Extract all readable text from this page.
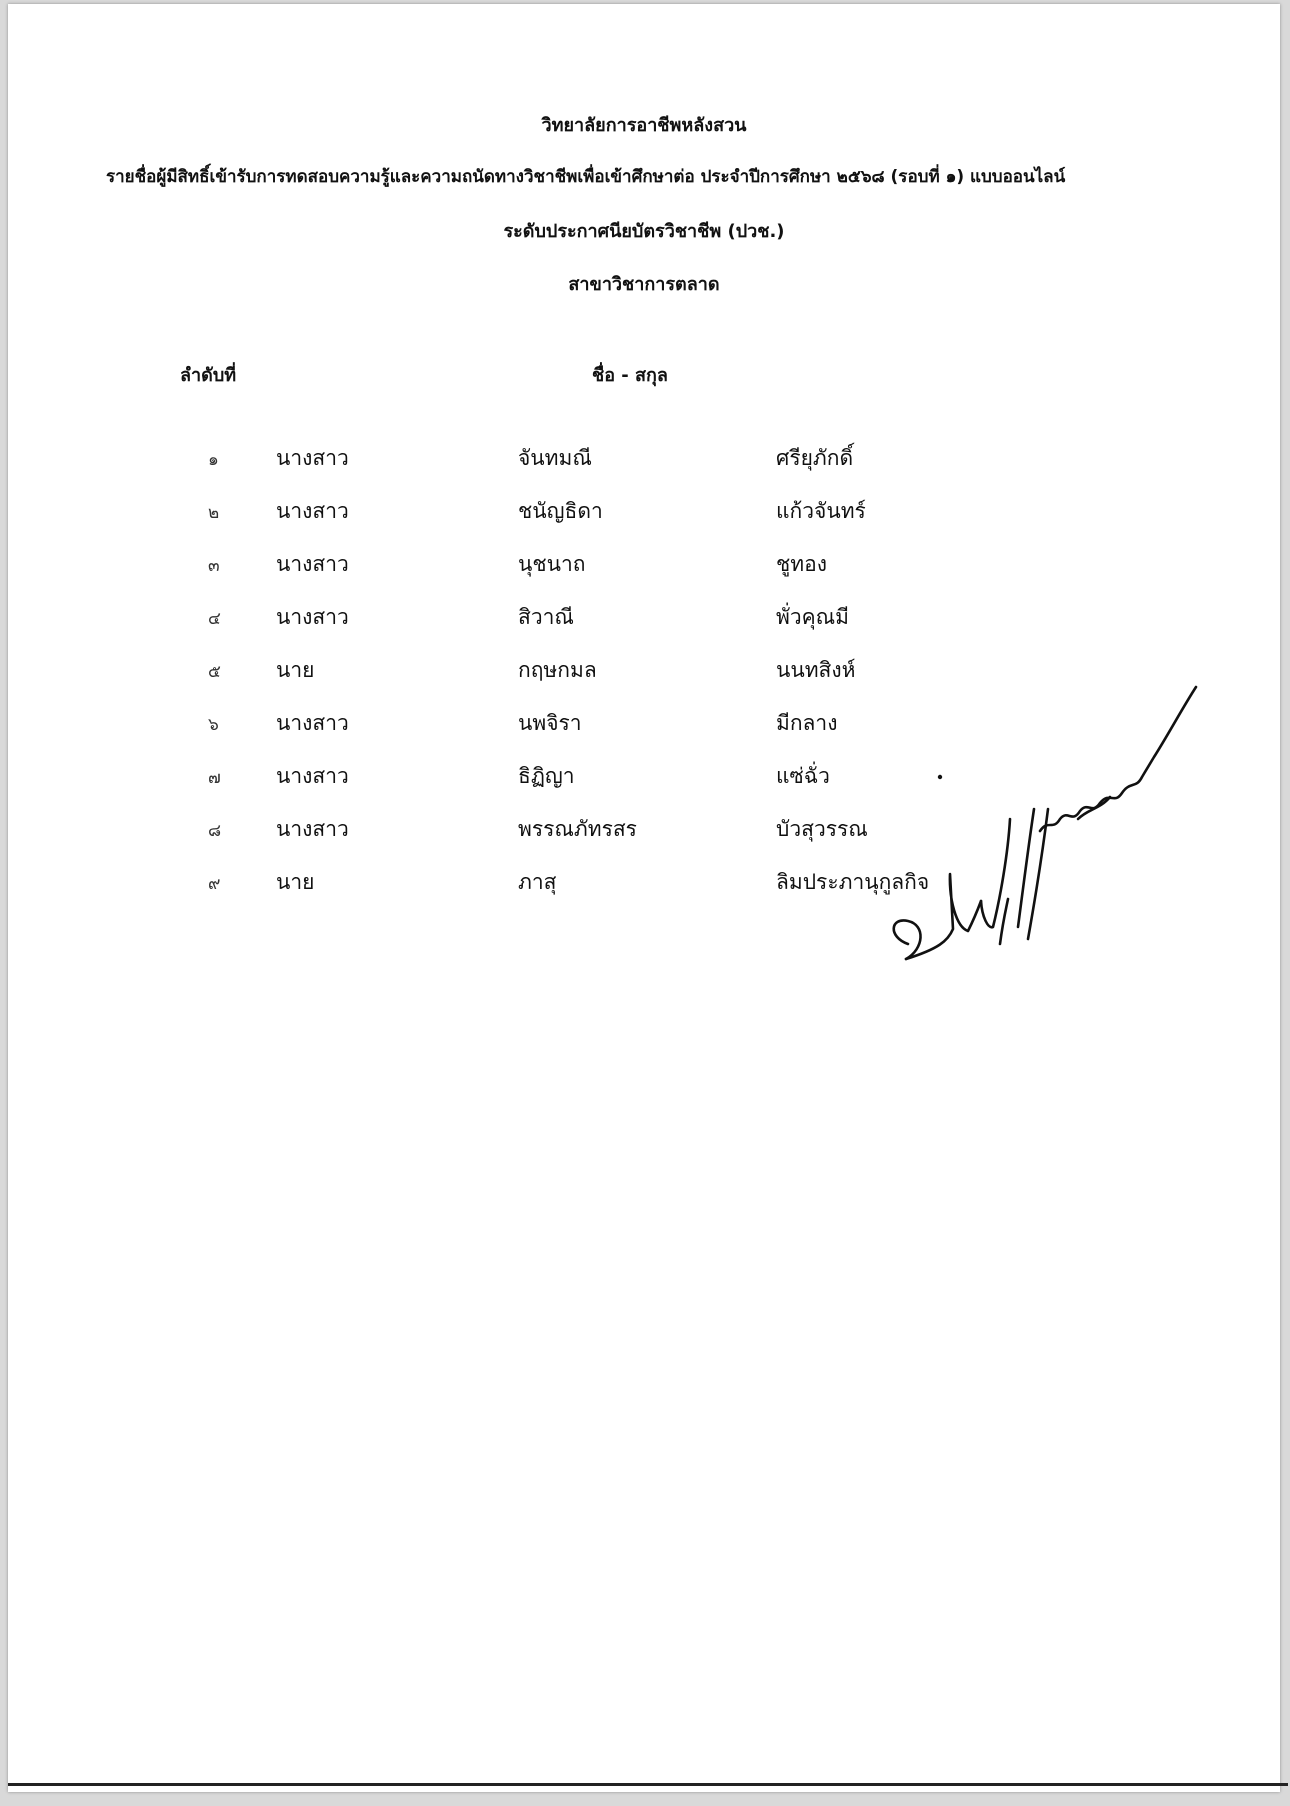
วิทยาลัยการอาชีพหลังสวน
รายชื่อผู้มีสิทธิ์เข้ารับการทดสอบความรู้และความถนัดทางวิชาชีพเพื่อเข้าศึกษาต่อ ประจำปีการศึกษา ๒๕๖๘ (รอบที่ ๑) แบบออนไลน์
ระดับประกาศนียบัตรวิชาชีพ (ปวช.)
สาขาวิชาการตลาด
ลำดับที่	ชื่อ - สกุล
๑	นางสาว	จันทมณี	ศรียุภักดิ์
๒	นางสาว	ชนัญธิดา	แก้วจันทร์
๓	นางสาว	นุชนาถ	ชูทอง
๔	นางสาว	สิวาณี	พั่วคุณมี
๕	นาย	กฤษกมล	นนทสิงห์
๖	นางสาว	นพจิรา	มีกลาง
๗	นางสาว	ธิฏิญา	แซ่ฉั่ว
๘	นางสาว	พรรณภัทรสร	บัวสุวรรณ
๙	นาย	ภาสุ	ลิมประภานุกูลกิจ
